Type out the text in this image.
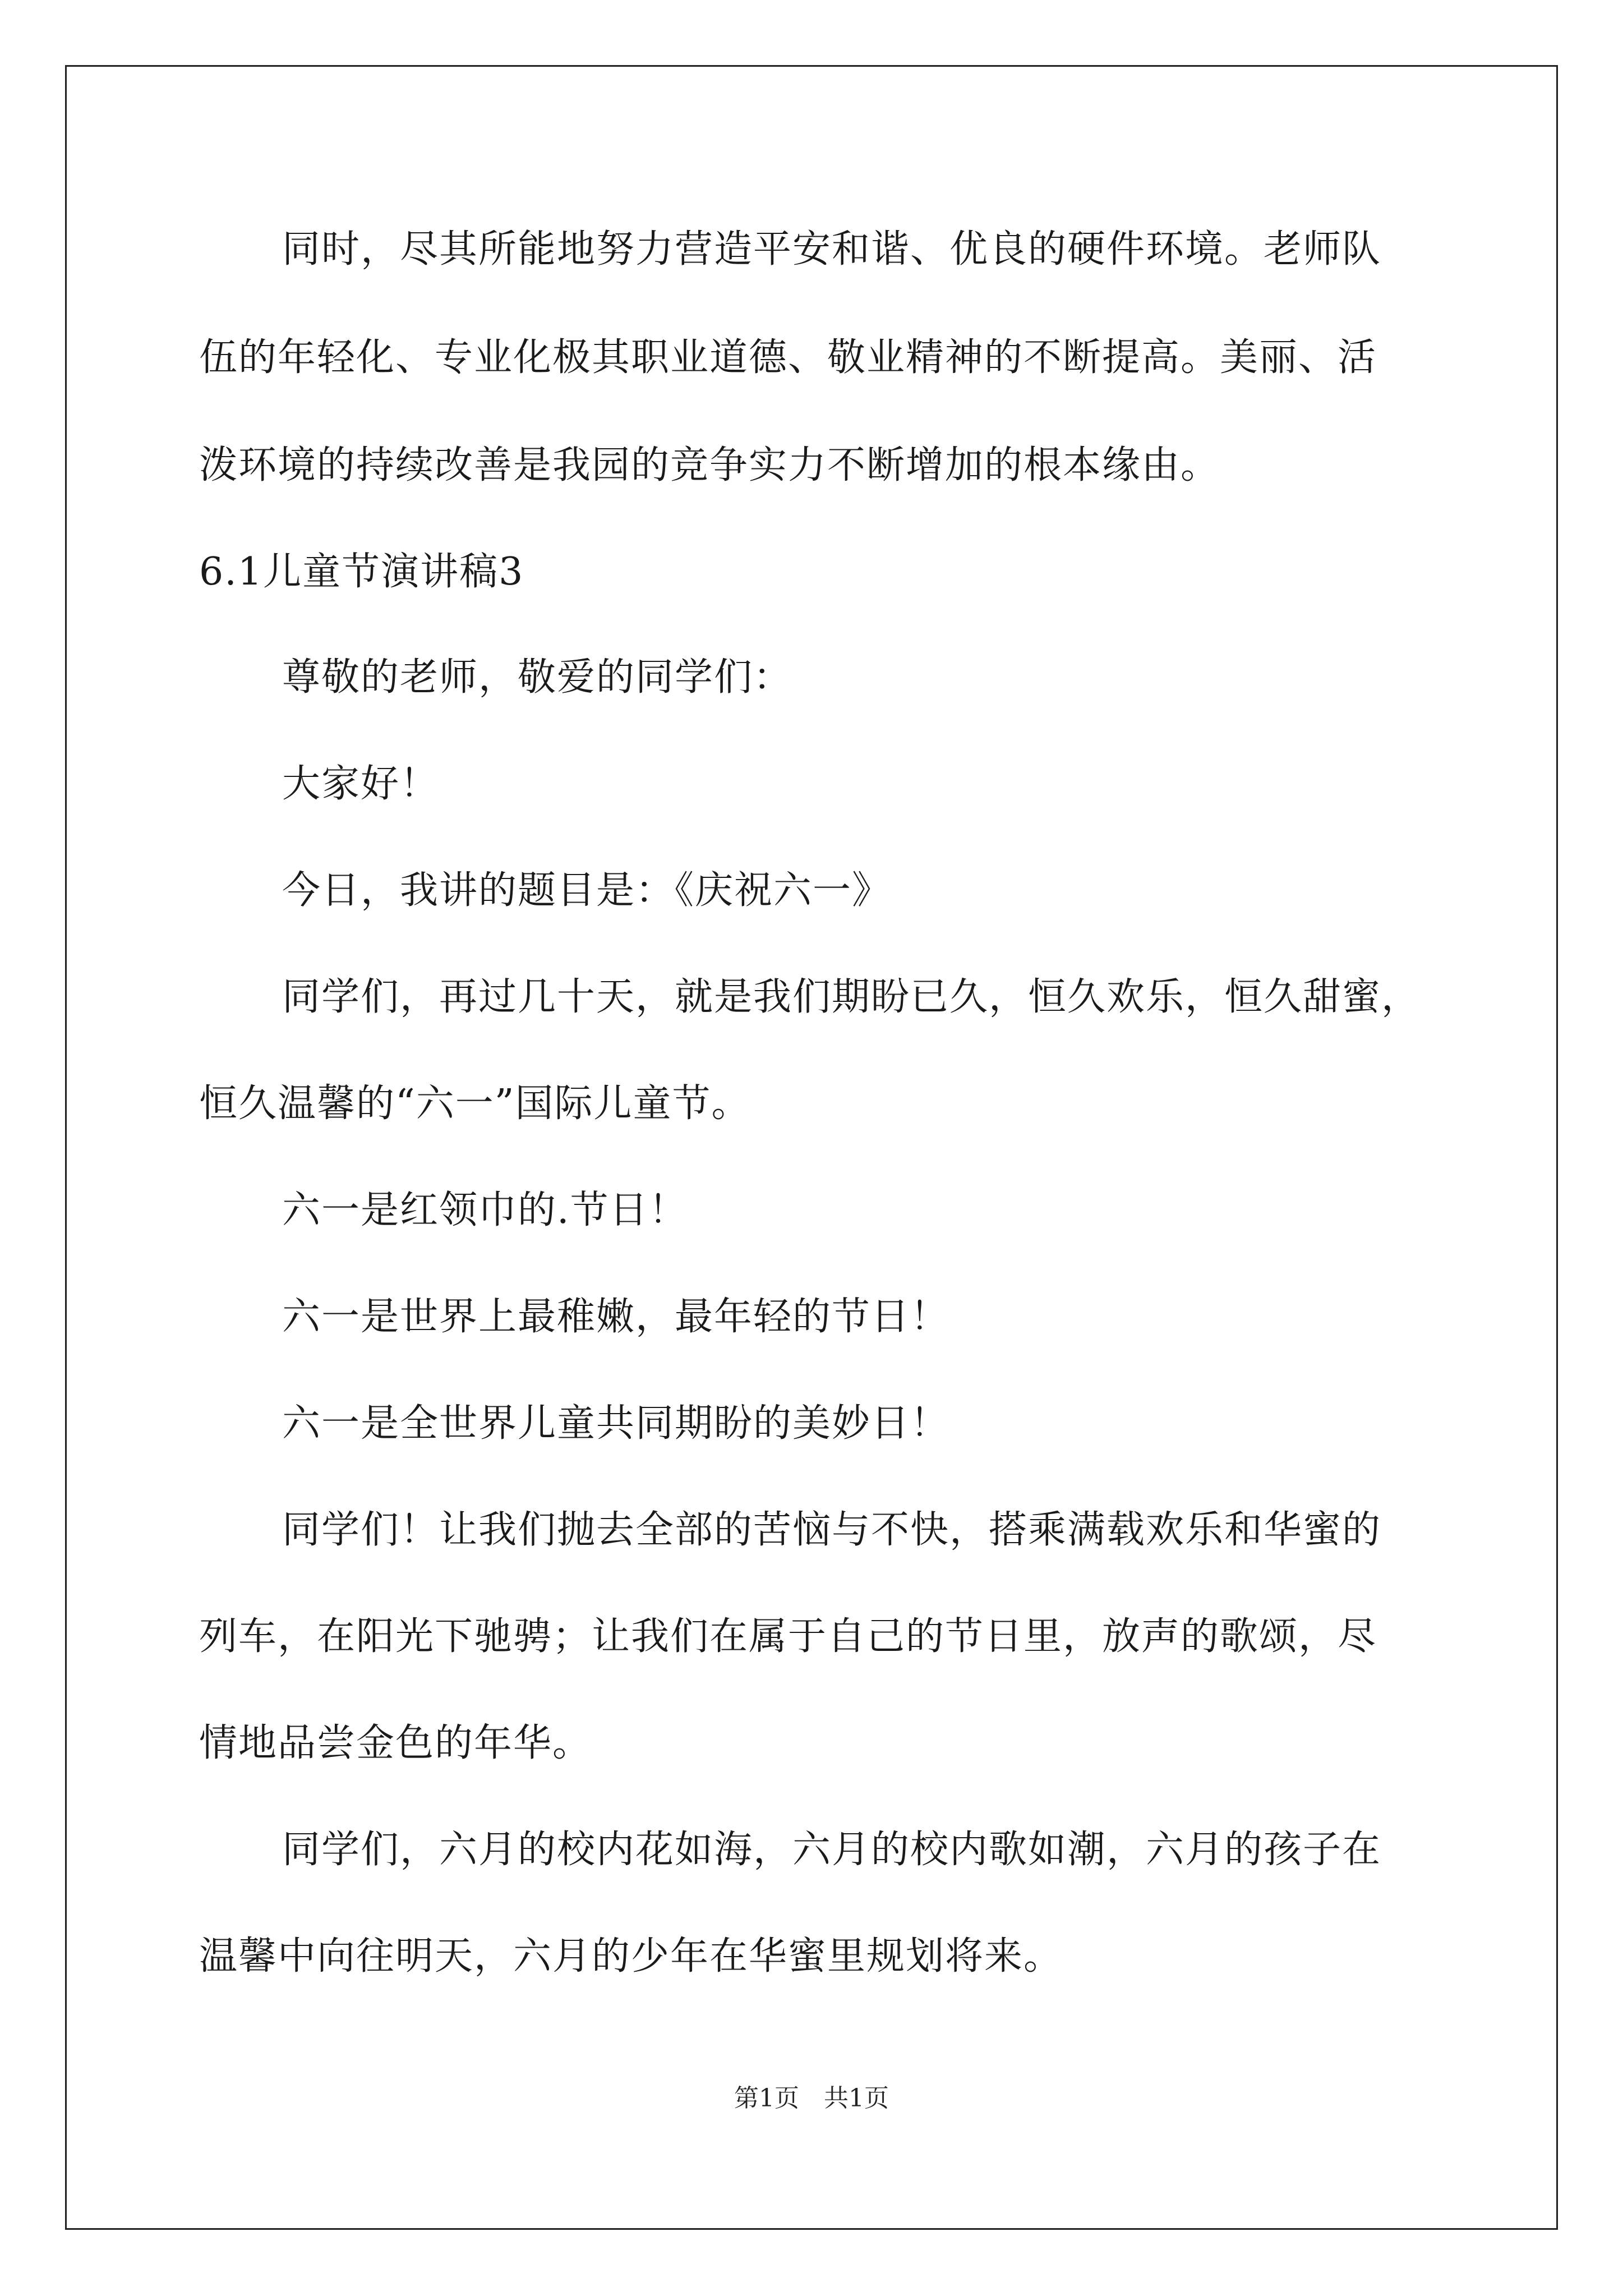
同时，尽其所能地努力营造平安和谐、优良的硬件环境。老师队
伍的年轻化、专业化极其职业道德、敬业精神的不断提高。美丽、活
泼环境的持续改善是我园的竞争实力不断增加的根本缘由。
6.1儿童节演讲稿3
尊敬的老师，敬爱的同学们：
大家好！
今日，我讲的题目是：《庆祝六一》
同学们，再过几十天，就是我们期盼已久，恒久欢乐，恒久甜蜜，
恒久温馨的“六一”国际儿童节。
六一是红领巾的.节日！
六一是世界上最稚嫩，最年轻的节日！
六一是全世界儿童共同期盼的美妙日！
同学们！让我们抛去全部的苦恼与不快，搭乘满载欢乐和华蜜的
列车，在阳光下驰骋；让我们在属于自己的节日里，放声的歌颂，尽
情地品尝金色的年华。
同学们，六月的校内花如海，六月的校内歌如潮，六月的孩子在
温馨中向往明天，六月的少年在华蜜里规划将来。
第1页　共1页
